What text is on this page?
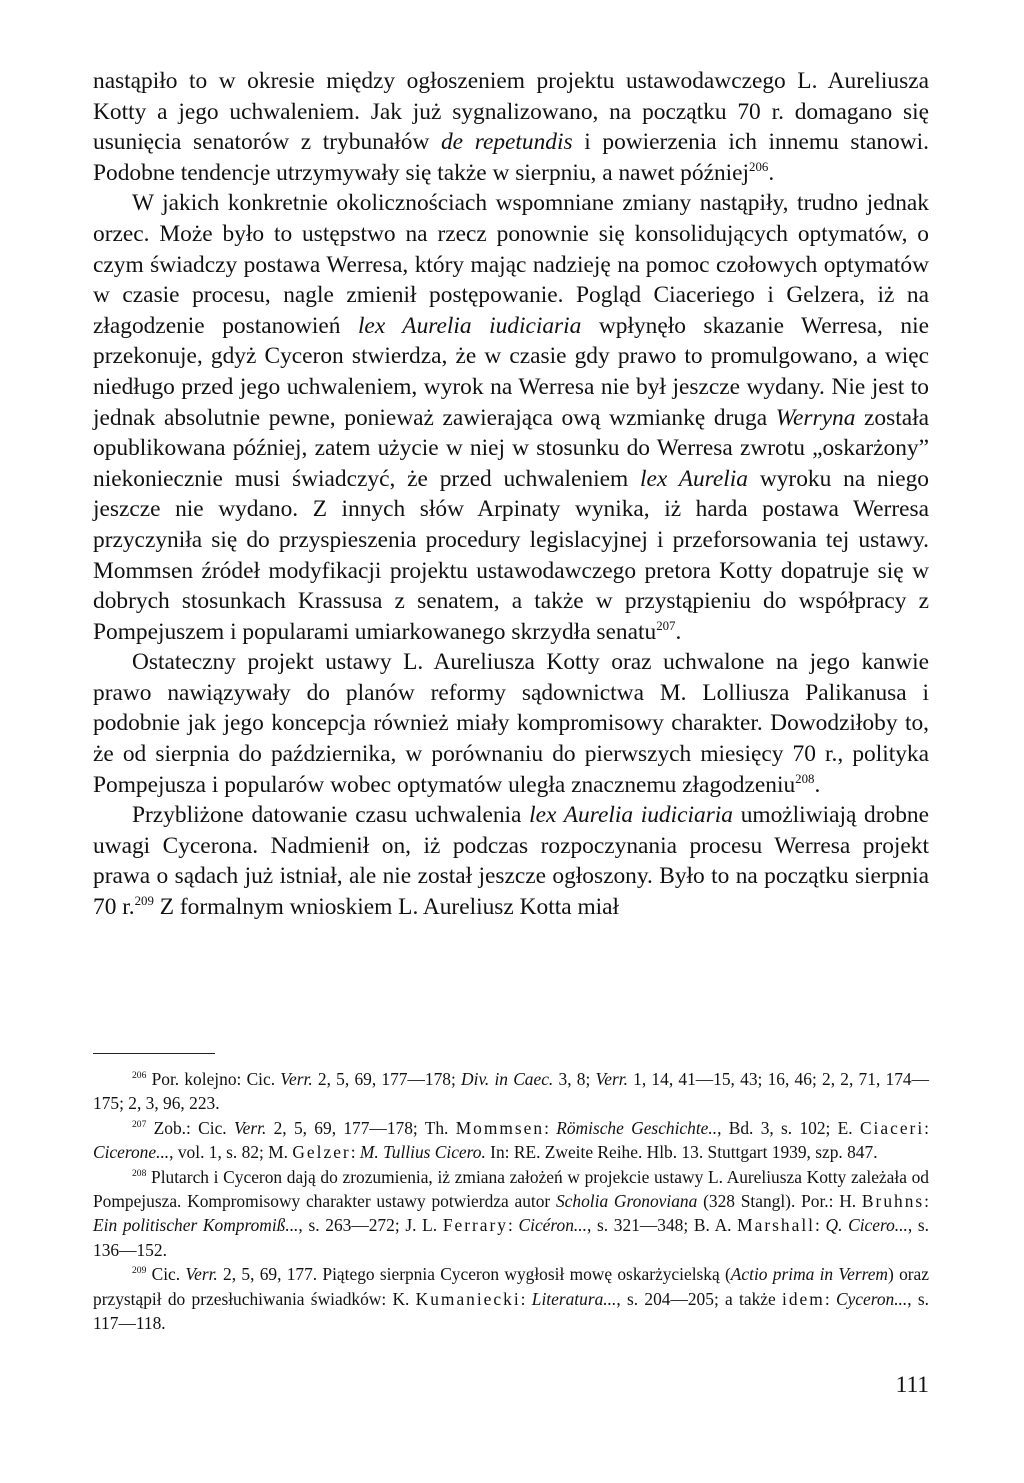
nastąpiło to w okresie między ogłoszeniem projektu ustawodawczego L. Aureliusza Kotty a jego uchwaleniem. Jak już sygnalizowano, na początku 70 r. domagano się usunięcia senatorów z trybunałów de repetundis i powierzenia ich innemu stanowi. Podobne tendencje utrzymywały się także w sierpniu, a nawet później$^{206}$.

W jakich konkretnie okolicznościach wspomniane zmiany nastąpiły, trudno jednak orzec. Może było to ustępstwo na rzecz ponownie się konsolidujących optymatów, o czym świadczy postawa Werresa, który mając nadzieję na pomoc czołowych optymatów w czasie procesu, nagle zmienił postępowanie. Pogląd Ciaceriego i Gelzera, iż na złagodzenie postanowień lex Aurelia iudiciaria wpłynęło skazanie Werresa, nie przekonuje, gdyż Cyceron stwierdza, że w czasie gdy prawo to promulgowano, a więc niedługo przed jego uchwaleniem, wyrok na Werresa nie był jeszcze wydany. Nie jest to jednak absolutnie pewne, ponieważ zawierająca ową wzmiankę druga Werryna została opublikowana później, zatem użycie w niej w stosunku do Werresa zwrotu „oskarżony” niekoniecznie musi świadczyć, że przed uchwaleniem lex Aurelia wyroku na niego jeszcze nie wydano. Z innych słów Arpinaty wynika, iż harda postawa Werresa przyczyniła się do przyspieszenia procedury legislacyjnej i przeforsowania tej ustawy. Mommsen źródeł modyfikacji projektu ustawodawczego pretora Kotty dopatruje się w dobrych stosunkach Krassusa z senatem, a także w przystąpieniu do współpracy z Pompejuszem i popularami umiarkowanego skrzydła senatu$^{207}$.

Ostateczny projekt ustawy L. Aureliusza Kotty oraz uchwalone na jego kanwie prawo nawiązywały do planów reformy sądownictwa M. Lolliusza Palikanusa i podobnie jak jego koncepcja również miały kompromisowy charakter. Dowodziłoby to, że od sierpnia do października, w porównaniu do pierwszych miesięcy 70 r., polityka Pompejusza i popularów wobec optymatów uległa znacznemu złagodzeniu$^{208}$.

Przybliżone datowanie czasu uchwalenia lex Aurelia iudiciaria umożliwiają drobne uwagi Cycerona. Nadmienił on, iż podczas rozpoczynania procesu Werresa projekt prawa o sądach już istniał, ale nie został jeszcze ogłoszony. Było to na początku sierpnia 70 r.$^{209}$ Z formalnym wnioskiem L. Aureliusz Kotta miał

$^{206}$ Por. kolejno: Cic. Verr. 2, 5, 69, 177—178; Div. in Caec. 3, 8; Verr. 1, 14, 41—15, 43; 16, 46; 2, 2, 71, 174—175; 2, 3, 96, 223.

$^{207}$ Zob.: Cic. Verr. 2, 5, 69, 177—178; Th. Mommsen: Römische Geschichte.., Bd. 3, s. 102; E. Ciaceri: Cicerone..., vol. 1, s. 82; M. Gelzer: M. Tullius Cicero. In: RE. Zweite Reihe. Hlb. 13. Stuttgart 1939, szp. 847.

$^{208}$ Plutarch i Cyceron dają do zrozumienia, iż zmiana założeń w projekcie ustawy L. Aureliusza Kotty zależała od Pompejusza. Kompromisowy charakter ustawy potwierdza autor Scholia Gronoviana (328 Stangl). Por.: H. Bruhns: Ein politischer Kompromiß..., s. 263—272; J. L. Ferrary: Cicéron..., s. 321—348; B. A. Marshall: Q. Cicero..., s. 136—152.

$^{209}$ Cic. Verr. 2, 5, 69, 177. Piątego sierpnia Cyceron wygłosił mowę oskarżycielską (Actio prima in Verrem) oraz przystąpił do przesłuchiwania świadków: K. Kumaniecki: Literatura..., s. 204—205; a także idem: Cyceron..., s. 117—118.

111
